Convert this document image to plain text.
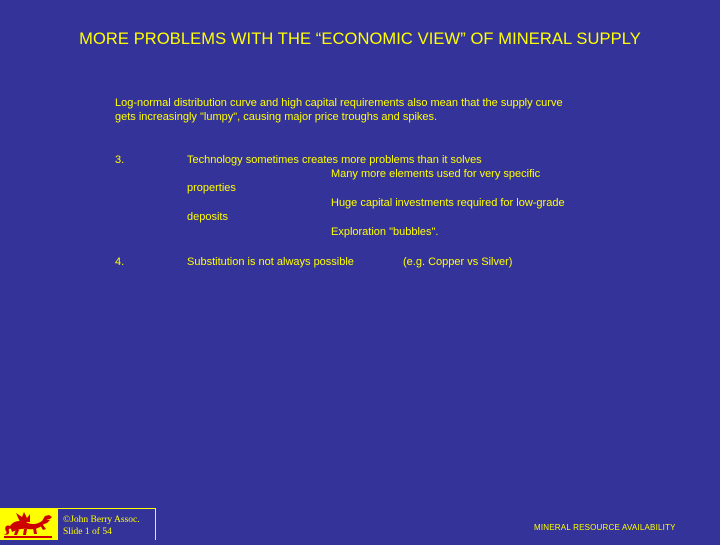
MORE PROBLEMS WITH THE “ECONOMIC VIEW” OF MINERAL SUPPLY
Log-normal distribution curve and high capital requirements also mean that the supply curve
gets increasingly "lumpy", causing major price troughs and spikes.
3.	Technology sometimes creates more problems than it solves
Many more elements used for very specific
properties
Huge capital investments required for low-grade
deposits
Exploration "bubbles".
4.	Substitution is not always possible	(e.g. Copper vs Silver)
©John Berry Assoc.
Slide 1 of 54	MINERAL RESOURCE AVAILABILITY
